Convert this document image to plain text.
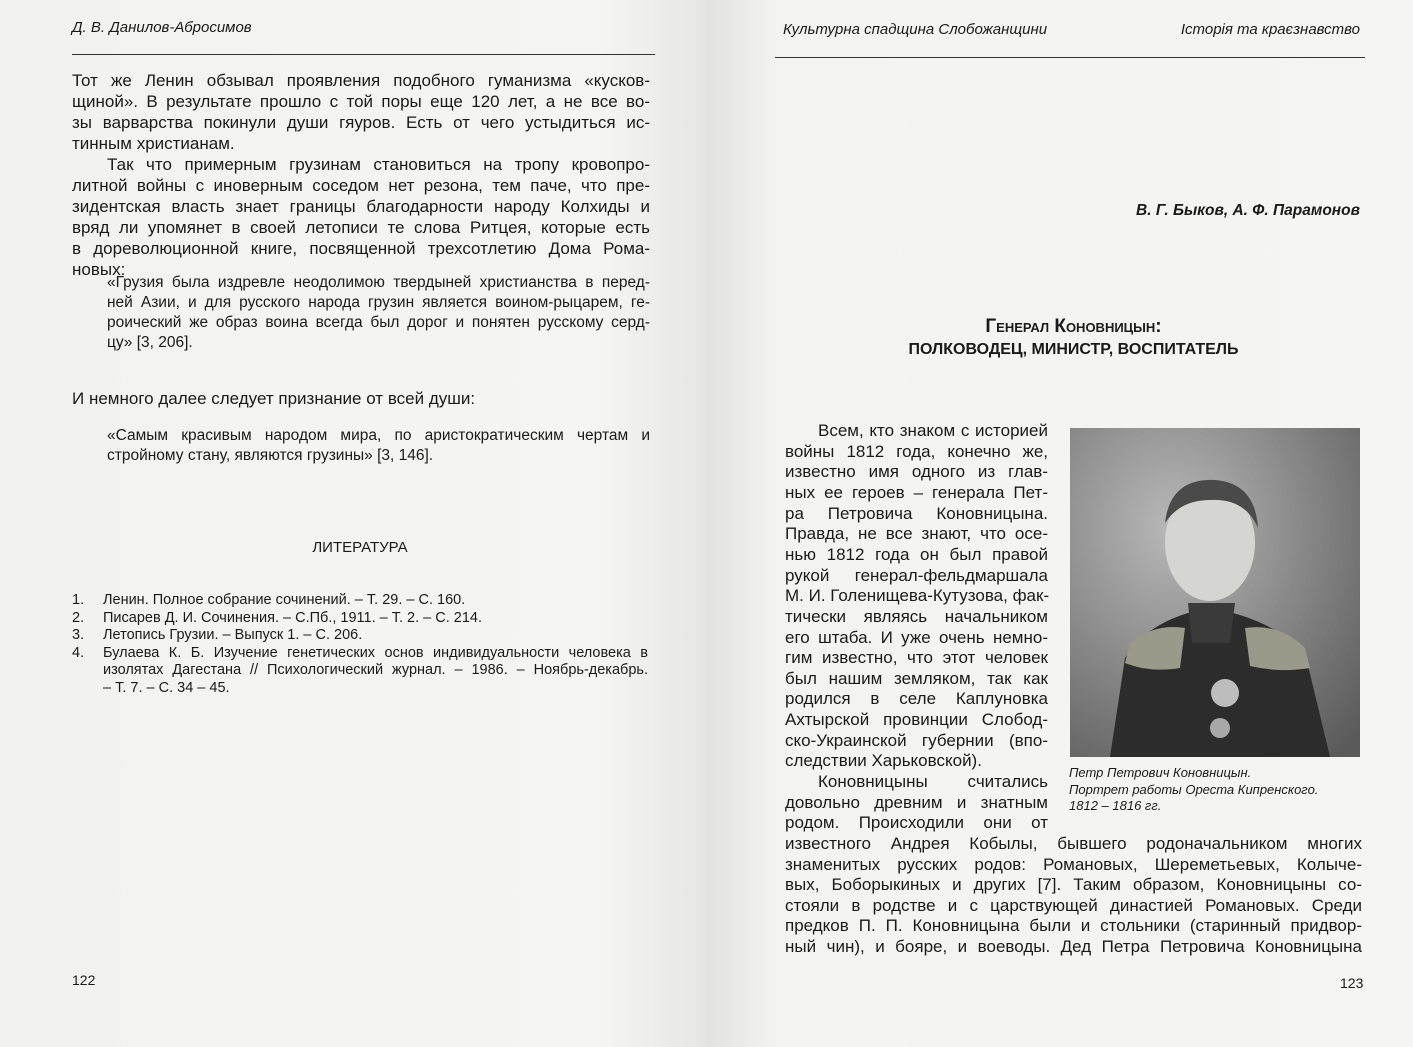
Д. В. Данилов-Абросимов
Тот же Ленин обзывал проявления подобного гуманизма «кусков-
щиной». В результате прошло с той поры еще 120 лет, а не все во-
зы варварства покинули души гяуров. Есть от чего устыдиться ис-
тинным христианам.
Так что примерным грузинам становиться на тропу кровопро-
литной войны с иноверным соседом нет резона, тем паче, что пре-
зидентская власть знает границы благодарности народу Колхиды и
вряд ли упомянет в своей летописи те слова Ритцея, которые есть
в дореволюционной книге, посвященной трехсотлетию Дома Рома-
новых:
«Грузия была издревле неодолимою твердыней христианства в перед-
ней Азии, и для русского народа грузин является воином-рыцарем, ге-
роический же образ воина всегда был дорог и понятен русскому серд-
цу» [3, 206].
И немного далее следует признание от всей души:
«Самым красивым народом мира, по аристократическим чертам и
стройному стану, являются грузины» [3, 146].
ЛИТЕРАТУРА
1. Ленин. Полное собрание сочинений. – Т. 29. – С. 160.
2. Писарев Д. И. Сочинения. – С.Пб., 1911. – Т. 2. – С. 214.
3. Летопись Грузии. – Выпуск 1. – С. 206.
4. Булаева К. Б. Изучение генетических основ индивидуальности человека в
изолятах Дагестана // Психологический журнал. – 1986. – Ноябрь-декабрь.
– Т. 7. – С. 34 – 45.
122
Культурна спадщина Слобожанщини	Історія та краєзнавство
В. Г. Быков, А. Ф. Парамонов
Генерал Коновницын:
ПОЛКОВОДЕЦ, МИНИСТР, ВОСПИТАТЕЛЬ
Петр Петрович Коновницын.
Портрет работы Ореста Кипренского.
1812 – 1816 гг.
Всем, кто знаком с историей
войны 1812 года, конечно же,
известно имя одного из глав-
ных ее героев – генерала Пет-
ра Петровича Коновницына.
Правда, не все знают, что осе-
нью 1812 года он был правой
рукой генерал-фельдмаршала
М. И. Голенищева-Кутузова, фак-
тически являясь начальником
его штаба. И уже очень немно-
гим известно, что этот человек
был нашим земляком, так как
родился в селе Каплуновка
Ахтырской провинции Слобод-
ско-Украинской губернии (впо-
следствии Харьковской).
Коновницыны считались
довольно древним и знатным
родом. Происходили они от
известного Андрея Кобылы, бывшего родоначальником многих
знаменитых русских родов: Романовых, Шереметьевых, Колыче-
вых, Боборыкиных и других [7]. Таким образом, Коновницыны со-
стояли в родстве и с царствующей династией Романовых. Среди
предков П. П. Коновницына были и стольники (старинный придвор-
ный чин), и бояре, и воеводы. Дед Петра Петровича Коновницына
123
